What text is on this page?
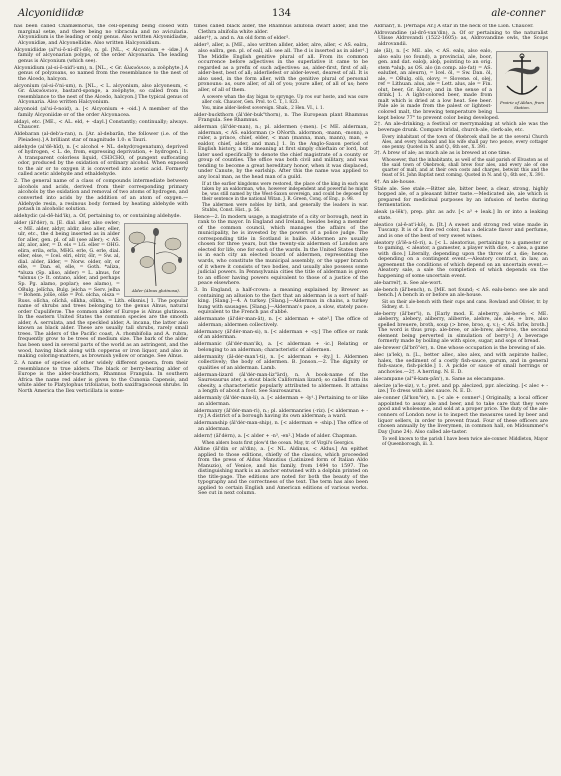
Alcyonidiidæ	134	ale-conner

has been called Chamæmorus, the cell-opening being closed with marginal setæ, and there being no vibracula and no avicularia. Alcyonidium is the leading or only genus. Also written Alcyonidiadæ, Alcyonidiæ, and Alcyonellidæ. Also written Halcyonidium.

Alcyonidiidæ (al"si-ō-ni-dī'i-dē), n. pl. [NL., < Alcyonium + -idæ.] A family of alcyonarian polyps, of the order Alcyonaria. The leading genus is Alcyonium (which see).

Alcyonidium (al-si-ō-nid'i-um), n. [NL., < Gr. ἀλκυόνιον, a zoöphyte.] A genus of polyzoans, so named from the resemblance to the nest of the Alcedo, halcyon.

alcyonium (al-si-ō'ni-um), n. [NL., < L. alcyonium, also alcyoneum, < Gr. ἀλκυόνειον, bastard-sponge, a zoöphyte, so called from its resemblance to the nest of the Alcedo, halcyon.] The typical genus of Alcyonaria. Also written Halcyonium.

alcyonoid (al'si-ō-noid), a. [< Alcyonium + -oid.] A member of the family Alcyoniidæ or of the order Alcyonacea.

aldayi, etc. [ME., < AL. eld, + -dayl.] Constantly; continually; always. Chaucer.

Aldebaran (al-deb'a-ran), n. [Ar. al-debarān, the follower (i.e. of the Pleiades).] A brilliant star of magnitude 1.0: α Tauri.

aldehyde (al'dē-hīd), n. [< alcohol + NL. dehyd(rogenatum), deprived of hydrogen, < L. de, from, expressing deprivation, + hydrogen.] 1. A transparent colorless liquid, CH3CHO, of pungent suffocating odor, produced by the oxidation of ordinary alcohol. When exposed to the air or to oxygen it is converted into acetic acid. Formerly called acetic aldehyde and ethaldehyde.

2. The general name of a class of compounds intermediate between alcohols and acids, derived from their corresponding primary alcohols by the oxidation and removal of two atoms of hydrogen, and converted into acids by the addition of an atom of oxygen.—Aldehyde resin, a resinous body formed by heating aldehyde with potash in alcoholic solution.

aldehydic (al-dē-hid'ik), a. Of, pertaining to, or containing aldehyde.

Alder (Alnus glutinosa).

alder (âl'dėr), n. [E. dial. aller, also owler; < ME. alder, aldyr, aldir, also aller, eller, ulr, etc., the d being inserted as in alder for aller, gen. pl. of all (see aller); < AS. alr, alor, aler, = D. els = LG. eller = OHG. elira, erila, erla, MHG. erle, G. erle, dial. eller, else, = Icel. elri, elrir, ölr, = Sw. al, dial. alder, älder, = Norw. older, olr, or elle, = Dan. el, elle, = Goth. *aliza, *aluza (Sp. aliso, alder) = L. alnus, for *alsnus (> It. ontano, alder, and perhaps Sp. Pg. alamo, poplar); see alamo), = OBulg. jelĭcha, Bulg. jelcha = Serv. jelha = Bohem. jolše, olše = Pol. olcha, olsza = Russ. olĭcha, olĭchâ, olĭkha, olĭkha, = Lith. elksnis.] 1. The popular name of shrubs and trees belonging to the genus Alnus, natural order Cupuliferæ. The common alder of Europe is Alnus glutinosa. In the eastern United States the common species are the smooth alder, A. serrulata, and the speckled alder, A. incana, the latter also known as black alder. These are usually tall shrubs, rarely small trees. The alders of the Pacific coast, A. rhombifolia and A. rubra, frequently grow to be trees of medium size. The bark of the alder has been used in several parts of the world as an astringent, and the wood, having black along with copperas or iron liquor, and also in making coloring-matters, as brownish yellow or orange. See Alnus.

2. A name of species of other widely different genera, from their resemblance to true alders. The black or berry-bearing alder of Europe is the alder-buckthorn, Rhamnus Frangula. In southern Africa the name red alder is given to the Cunonia Capensis, and white alder to Platylophus trifoliatus, both saxifragaceous shrubs. In North America the Ilex verticillata is some-

times called black alder, the Rhamnus alnifolia dwarf alder, and the Clethra alnifolia white alder.

alder¹†, a. and n. An old form of elder².

alder³, aller, a. [ME., also written allder, alder, alre, aller, < AS. ealra, also eallra, gen. pl. of eall, all: see all. The d is inserted as in alder¹.] The Middle English genitive plural of all. From its common occurrence before adjectives in the superlative it came to be regarded as a prefix of such adjectives: as, alder-first, first of all; alder-best, best of all; alderliefest or alder-levest, dearest of all. It is also used, in the form aller, with the genitive plural of personal pronouns: as, oure aller, of all of you; youre aller, of all of us; here aller, of all of them.

A sowere whan the day bigan to sprynge. Up ros our hoste, and was oure aller cok. Chaucer, Gen. Prol. to C. T., l. 823.

You, mine alder-liefest sovereign. Shak., 2 Hen. VI., i. 1.

alder-buckthorn (âl'dėr-buk"thorn), n. The European plant Rhamnus Frangula. See Rhamnus.

alderman (âl'dėr-man), n.; pl. aldermen (-men). [< ME. alderman, alderman, < AS. ealdorman (> ONorth. aldormon, -mann, -monn), a ruler, a prince, chief, elder, < man (manna, man, mann), man, + ealdor, chief, alder, and man.] 1. In the Anglo-Saxon period of English history, a title meaning at first simply chieftain or lord, but later used specifically to denote the chief magistrate of a county or group of counties. The office was both civil and military, and was tending to become a great hereditary honor, when it was displaced, under Canute, by the earlship. After this the name was applied to any local man, as the head man of a guild.

If at the earlier kingdoms were restored, the place of the king in each was taken by an ealdorman, who, however independent and powerful he might be, was still named by the West-Saxon sovereign, and could be deposed by their sentence in the national Witan. J. R. Green, Conq. of Eng., p. 98.

The aldermen were nobles by birth, and generally the leaders in war. Stubbs, Const. Hist., p. 56.

Hence—2. In modern usage, a magistrate of a city or borough, next in rank to the mayor. In England and Ireland, besides being a member of the common council, which manages the affairs of the municipality, he is invested by the powers of a police judge. The corresponding title in Scotland is bailie. Aldermen are usually chosen for three years, but the twenty-six aldermen of London are elected for life, one for each of the wards. In the United States there is in each city an elected board of aldermen, representing the wards, who constitute the municipal assembly, or the upper branch of it where it consists of two bodies, and usually also possess some judicial powers. In Pennsylvania cities the title of alderman is given to an officer having powers equivalent to those of a justice of the peace elsewhere.

3. In England, a half-crown: a meaning explained by Brewer as containing an allusion to the fact that an alderman is a sort of half-king. [Slang.]—4. A turkey. [Slang.]—Alderman in chains, a turkey hung with sausages. [Slang.]—Alderman's pace, a slow, stately pace: equivalent to the French pas d'abbé.

aldermanate (âl'dėr-man-āt), n. [< alderman + -ate³.] The office of alderman; aldermen collectively.

aldermancy (âl'dėr-man-si), n. [< alderman + -cy.] The office or rank of an alderman.

aldermanic (âl'dėr-man'ik), a. [< alderman + -ic.] Relating or belonging to an alderman; characteristic of aldermen.

aldermanity (âl-dėr-man'i-ti), n. [< alderman + -ity.] 1. Aldermen collectively; the body of aldermen. B. Jonson.—2. The dignity or qualities of an alderman. Lamb.

alderman-lizard (âl'dėr-man-liz"ärd), n. A book-name of the Saurosaurus ater, a stout black Californian lizard; so called from its obesity, a characteristic popularly attributed to aldermen. It attains a length of about a foot. See Saurosaurus.

aldermanly (âl'dėr-man-li), a. [< alderman + -ly¹.] Pertaining to or like an alderman.

aldermanry (âl'dėr-man-ri), n.; pl. aldermanries (-riz). [< alderman + -ry.] A district of a borough having its own alderman; a ward.

aldermanship (âl'dėr-man-ship), n. [< alderman + -ship.] The office of an alderman.

aldern† (âl'dėrn), a. [< alder + -n³, -en².] Made of alder. Chapman.

When alders boats first plow'd the ocean. May, tr. of Virgil's Georgics.

Aldine (âl'din or al'din), a. [< NL. Aldinus, < Aldus.] An epithet applied to those editions, chiefly of the classics, which proceeded from the press of Aldus Manutius (Latinized form of Italian Aldo Manuzio), of Venice, and his family, from 1494 to 1597. The distinguishing mark is an anchor entwined with a dolphin printed on the title-page. The editions are noted for both the beauty of the typography and the correctness of the text. The term has also been applied to certain English and American editions of various works. See cut in next column.

Aldrian†, n. [Perhaps Ar.] A star in the neck of the Lion. Chaucer.

Aldrovandine (al-drō-van'din), a. Of or pertaining to the naturalist Ulisse Aldrovandi (1522-1605): as, Aldrovandine owls, the Scops aldrovandii.

Prairie of Aldan, from Station.

ale (āl), n. [< ME. ale, < AS. ealu, also ealo, also ealu (so found), a provincial, ale, boor, gen. and dat. ealoþ, aloþ, pointing to an orig. stem *aluþ, as OS. alo (in comp. alo-fat) = AS. ealufæt, an aleurn), = Icel. öl, = Sw. Dan. öl, ale, = OBulg. olŭ, olovy, = Slovene. ol, olej, ref = Lithuan. alus, ale = Lett. alus, ale = Fin. olut, beer, Gr. ἄλεισ; and in the sense of a drink.] 1. A light-colored beer, made from malt which is dried at a low heat. See beer. Pale ale is made from the palest or lightest-colored malt, the brewing temperature being kept below 77° to prevent color being developed.

2†. An ale-drinking; a festival or merrymaking at which ale was the beverage drunk. Compare bridal, church-ale, clerk-ale, etc.

Every inhabitant of the town of Okebrook shall be at the several Church Ales, and every husband and his wife shall pay two pence, every cottager one penny. Quoted in N. and Q., 6th ser., X. 391.

3†. A brew of ale; as much ale as is brewed at one time.

Whosoever, that the inhabitants, as well of the said parish of Elvaston as of the said town of Okebrook, shall brew four ales, and every ale of one quarter of malt, and at their own costs and charges, betwixt this and the feast of St. John Baptist next coming. Quoted in N. and Q., 6th ser., X. 391.

4†. An ale-house.

Stale ale. See stale.—Bitter ale, bitter beer, a clear, strong, highly hopped ale, of a pleasant bitter taste.—Medicated ale, ale which is prepared for medicinal purposes by an infusion of herbs during fermentation.

aleak (a-lēk'), prep. phr. as adv. [< a³ + leak.] In or into a leaking state.

aleatico (al-ē-at'i-kō), n. [It.] A sweet and strong red wine made in Tuscany. It is of a fine red color, has a delicate flavor and perfume, and is one of the best of very sweet wines.

aleatory (â'lē-a-tō-ri), a. [< L. aleatorius, pertaining to a gamester or to gaming, < aleator, a gamester, a player with dice, < alea, a game with dice.] Literally, depending upon the throw of a die; hence, depending on a contingent event.—Aleatory contract, in law, an agreement the conditions of which depend on an uncertain event.—Aleatory sale, a sale the completion of which depends on the happening of some uncertain event.

ale-barrel†, n. See ale-wort.

ale-bench (āl'bench), n. [ME. not found; < AS. ealu-benc: see ale and bench.] A bench in or before an ale-house.

Sit on their ale-bench with their cups and cans. Rowland and Olivier, tr. by Sidney, st. 1.

ale-berry (āl'ber"i), n. [Early mod. E. aleberry, ale-berie; < ME. aleberry, alebery, aliberry, aliberrie, alebre, ale, ale, + bre, also spelled breuere, broth, soup (> bree, broo, q. v.); < AS. brīw, broth.] The word is thus prop. ale-bree, or ale-brew, ale-broo, the second element being perverted in simulation of berry¹.] A beverage formerly made by boiling ale with spice, sugar, and sops of bread.

ale-brewer (āl'brö"ėr), n. One whose occupation is the brewing of ale.

alec (a'lek), n. [L., better allec, also alex, and with aspirate hallec, halex, the sediment of a costly fish-sauce, garum, and in general fish-sauce, fish-pickle.] 1. A pickle or sauce of small herrings or anchovies.—2†. A herring. N. E. D.

alecampane (al"ē-kam-pān'), n. Same as elecampane.

alecize (a'le-siz), v. t.; pret. and pp. alecized, ppr. alecizing. [< alec + -ize.] To dress with alec sauce. N. E. D.

ale-conner (āl'kon"ėr), n. [< ale + conner¹.] Originally, a local officer appointed to assay ale and beer, and to take care that they were good and wholesome, and sold at a proper price. The duty of the ale-conners of London now is to inspect the measures used by beer and liquor sellers, in order to prevent fraud. Four of these officers are chosen annually by the liverymen, in common hall, on Midsummer's Day (June 24). Also called ale-taster.

To well known to the parish I have been twice ale-conner. Middleton, Mayor of Queenborough, iii. 3.
